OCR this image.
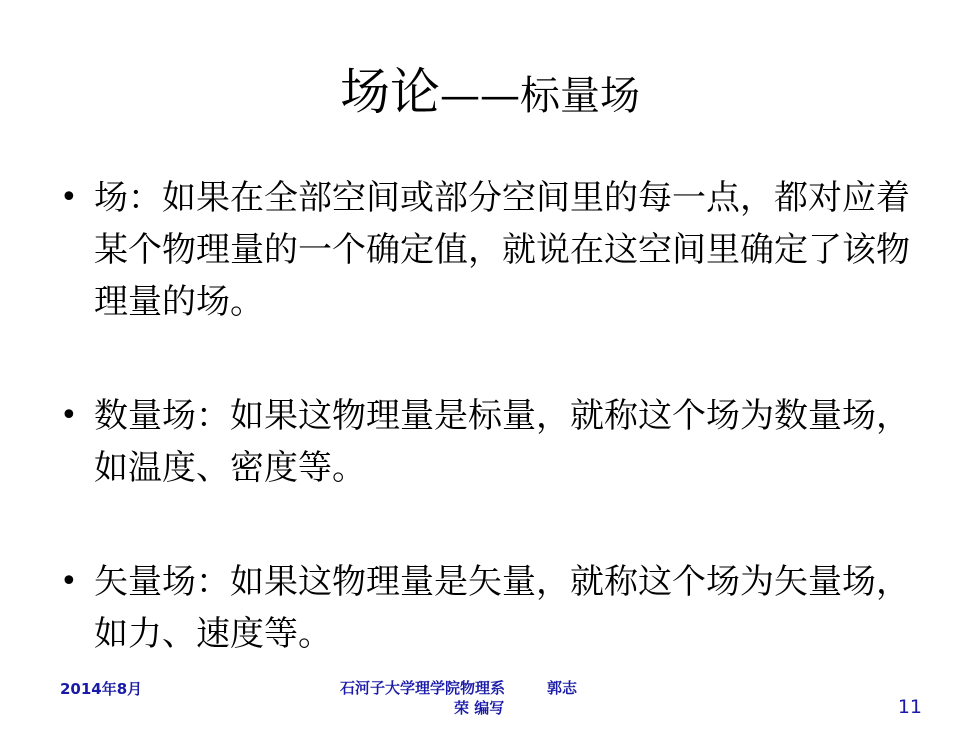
场论——标量场
• 场：如果在全部空间或部分空间里的每一点，都对应着某个物理量的一个确定值，就说在这空间里确定了该物理量的场。
• 数量场：如果这物理量是标量，就称这个场为数量场，如温度、密度等。
• 矢量场：如果这物理量是矢量，就称这个场为矢量场，如力、速度等。
2014年8月	石河子大学理学院物理系	郭志
荣 编写	11
